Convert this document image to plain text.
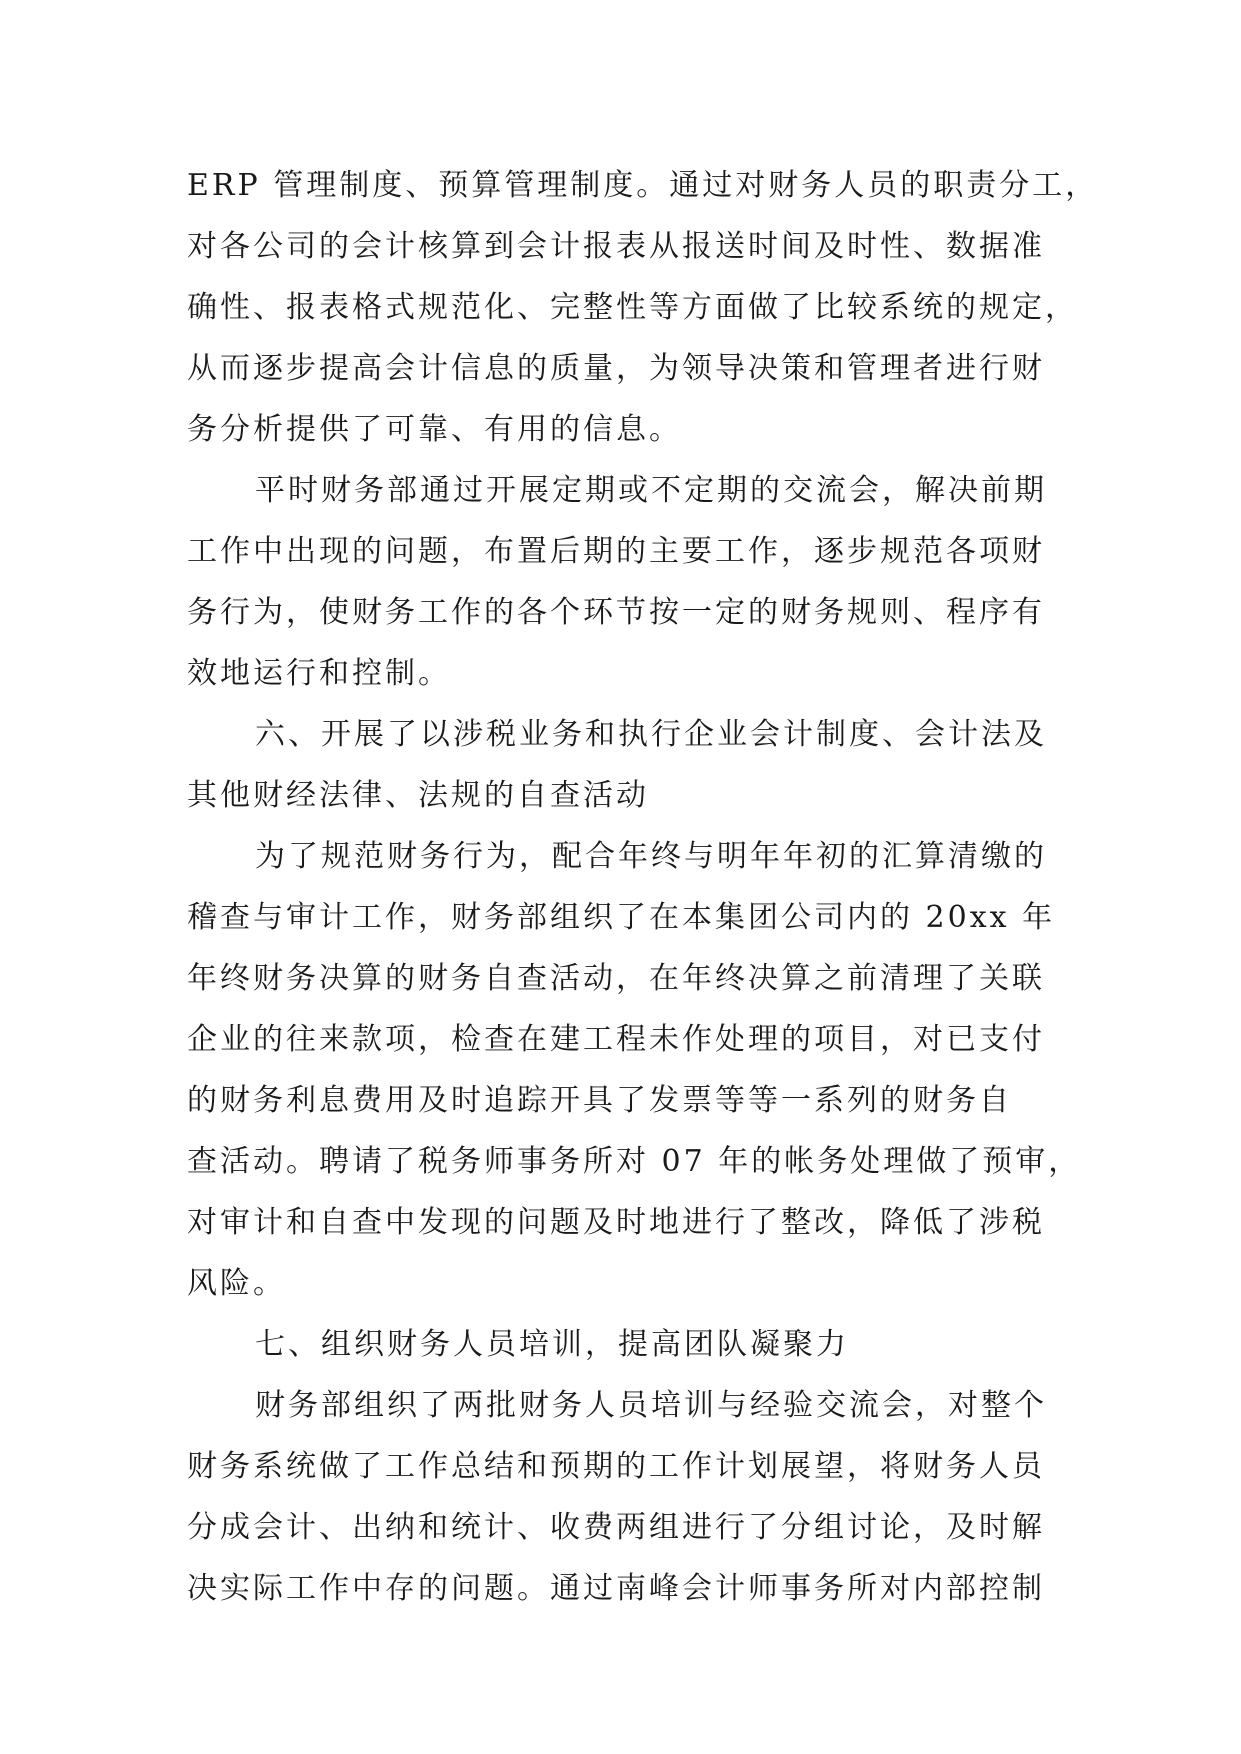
ERP 管理制度、预算管理制度。通过对财务人员的职责分工，
对各公司的会计核算到会计报表从报送时间及时性、数据准
确性、报表格式规范化、完整性等方面做了比较系统的规定，
从而逐步提高会计信息的质量，为领导决策和管理者进行财
务分析提供了可靠、有用的信息。
平时财务部通过开展定期或不定期的交流会，解决前期
工作中出现的问题，布置后期的主要工作，逐步规范各项财
务行为，使财务工作的各个环节按一定的财务规则、程序有
效地运行和控制。
六、开展了以涉税业务和执行企业会计制度、会计法及
其他财经法律、法规的自查活动
为了规范财务行为，配合年终与明年年初的汇算清缴的
稽查与审计工作，财务部组织了在本集团公司内的 20xx 年
年终财务决算的财务自查活动，在年终决算之前清理了关联
企业的往来款项，检查在建工程未作处理的项目，对已支付
的财务利息费用及时追踪开具了发票等等一系列的财务自
查活动。聘请了税务师事务所对 07 年的帐务处理做了预审，
对审计和自查中发现的问题及时地进行了整改，降低了涉税
风险。
七、组织财务人员培训，提高团队凝聚力
财务部组织了两批财务人员培训与经验交流会，对整个
财务系统做了工作总结和预期的工作计划展望，将财务人员
分成会计、出纳和统计、收费两组进行了分组讨论，及时解
决实际工作中存的问题。通过南峰会计师事务所对内部控制
